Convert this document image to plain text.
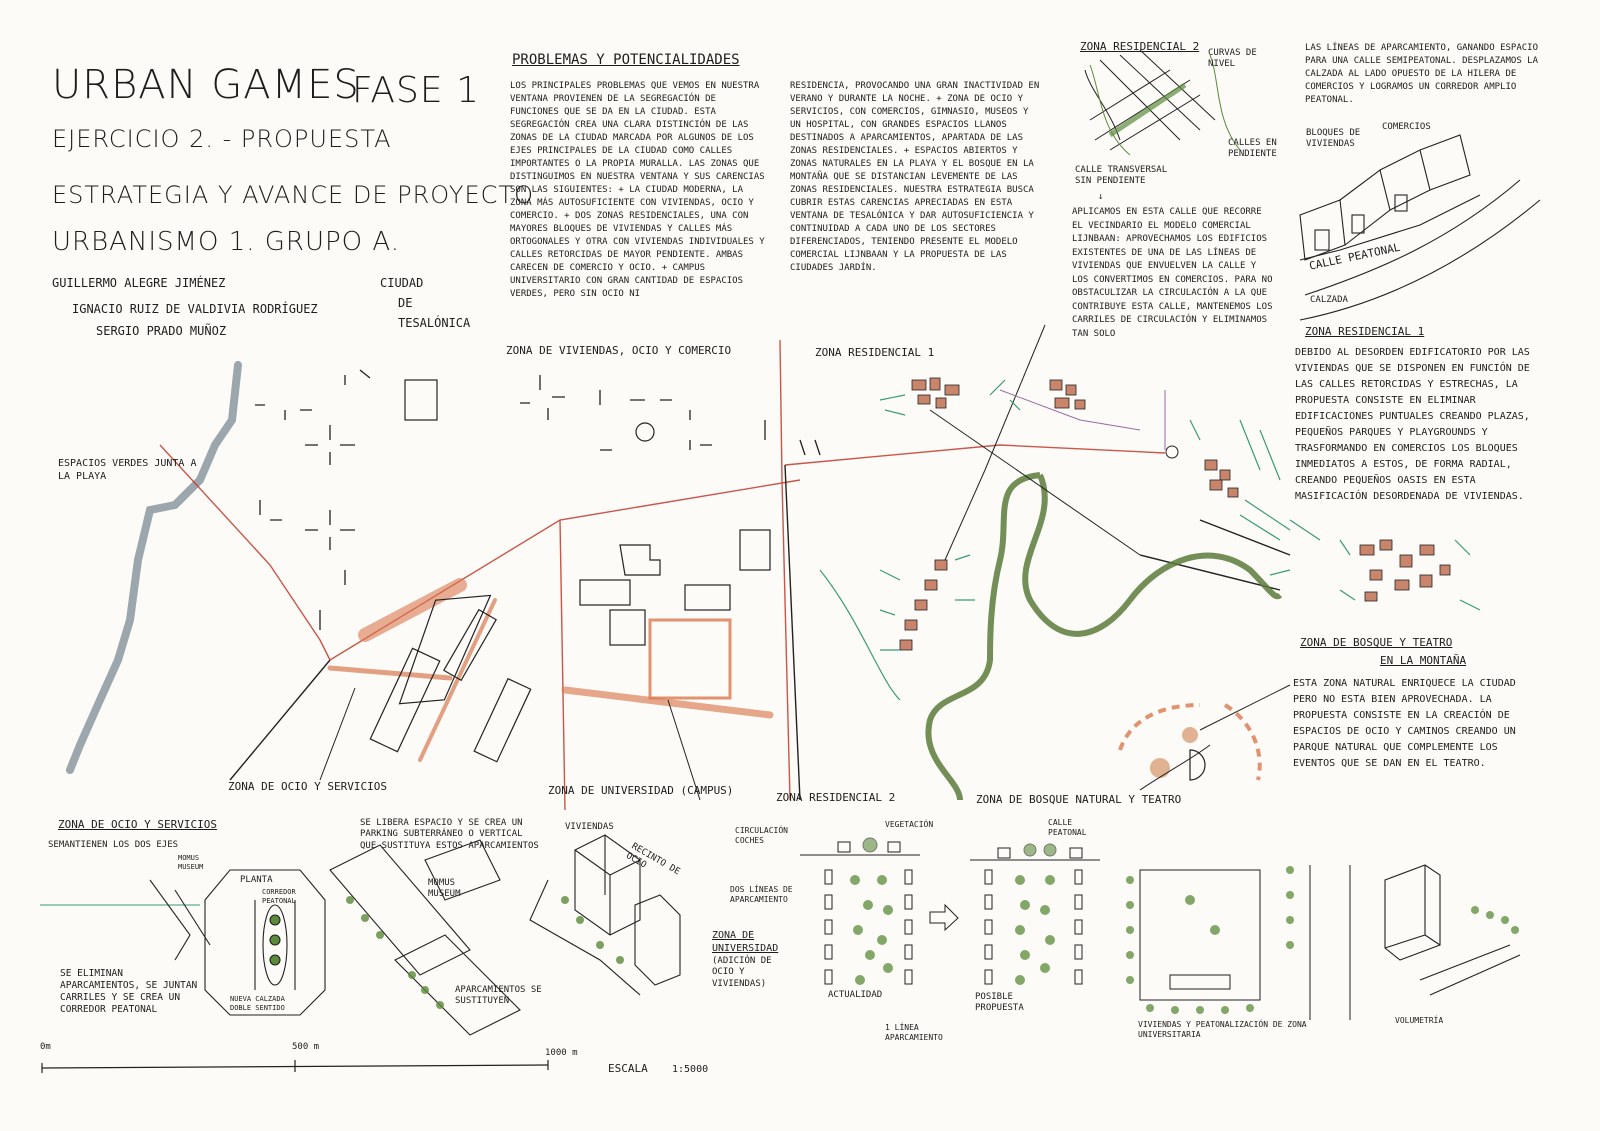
URBAN GAMES
FASE 1
EJERCICIO 2. - PROPUESTA
ESTRATEGIA Y AVANCE DE PROYECTO
URBANISMO 1. GRUPO A.
GUILLERMO ALEGRE JIMÉNEZ
IGNACIO RUIZ DE VALDIVIA RODRÍGUEZ
SERGIO PRADO MUÑOZ
CIUDAD
DE
TESALÓNICA
PROBLEMAS Y POTENCIALIDADES
LOS PRINCIPALES PROBLEMAS QUE VEMOS EN NUESTRA VENTANA PROVIENEN DE LA SEGREGACIÓN DE FUNCIONES QUE SE DA EN LA CIUDAD. ESTA SEGREGACIÓN CREA UNA CLARA DISTINCIÓN DE LAS ZONAS DE LA CIUDAD MARCADA POR ALGUNOS DE LOS EJES PRINCIPALES DE LA CIUDAD COMO CALLES IMPORTANTES O LA PROPIA MURALLA. LAS ZONAS QUE DISTINGUIMOS EN NUESTRA VENTANA Y SUS CARENCIAS SON LAS SIGUIENTES: + LA CIUDAD MODERNA, LA ZONA MÁS AUTOSUFICIENTE CON VIVIENDAS, OCIO Y COMERCIO. + DOS ZONAS RESIDENCIALES, UNA CON MAYORES BLOQUES DE VIVIENDAS Y CALLES MÁS ORTOGONALES Y OTRA CON VIVIENDAS INDIVIDUALES Y CALLES RETORCIDAS DE MAYOR PENDIENTE. AMBAS CARECEN DE COMERCIO Y OCIO. + CAMPUS UNIVERSITARIO CON GRAN CANTIDAD DE ESPACIOS VERDES, PERO SIN OCIO NI
RESIDENCIA, PROVOCANDO UNA GRAN INACTIVIDAD EN VERANO Y DURANTE LA NOCHE. + ZONA DE OCIO Y SERVICIOS, CON COMERCIOS, GIMNASIO, MUSEOS Y UN HOSPITAL, CON GRANDES ESPACIOS LLANOS DESTINADOS A APARCAMIENTOS, APARTADA DE LAS ZONAS RESIDENCIALES. + ESPACIOS ABIERTOS Y ZONAS NATURALES EN LA PLAYA Y EL BOSQUE EN LA MONTAÑA QUE SE DISTANCIAN LEVEMENTE DE LAS ZONAS RESIDENCIALES. NUESTRA ESTRATEGIA BUSCA CUBRIR ESTAS CARENCIAS APRECIADAS EN ESTA VENTANA DE TESALÓNICA Y DAR AUTOSUFICIENCIA Y CONTINUIDAD A CADA UNO DE LOS SECTORES DIFERENCIADOS, TENIENDO PRESENTE EL MODELO COMERCIAL LIJNBAAN Y LA PROPUESTA DE LAS CIUDADES JARDÍN.
ZONA RESIDENCIAL 2 CURVAS DE NIVEL
CALLES EN PENDIENTE
CALLE TRANSVERSAL SIN PENDIENTE
↓
APLICAMOS EN ESTA CALLE QUE RECORRE EL VECINDARIO EL MODELO COMERCIAL LIJNBAAN: APROVECHAMOS LOS EDIFICIOS EXISTENTES DE UNA DE LAS LÍNEAS DE VIVIENDAS QUE ENVUELVEN LA CALLE Y LOS CONVERTIMOS EN COMERCIOS. PARA NO OBSTACULIZAR LA CIRCULACIÓN A LA QUE CONTRIBUYE ESTA CALLE, MANTENEMOS LOS CARRILES DE CIRCULACIÓN Y ELIMINAMOS TAN SOLO
LAS LÍNEAS DE APARCAMIENTO, GANANDO ESPACIO PARA UNA CALLE SEMIPEATONAL. DESPLAZAMOS LA CALZADA AL LADO OPUESTO DE LA HILERA DE COMERCIOS Y LOGRAMOS UN CORREDOR AMPLIO PEATONAL.
BLOQUES DE VIVIENDAS
COMERCIOS
CALLE PEATONAL
CALZADA
ZONA RESIDENCIAL 1
DEBIDO AL DESORDEN EDIFICATORIO POR LAS VIVIENDAS QUE SE DISPONEN EN FUNCIÓN DE LAS CALLES RETORCIDAS Y ESTRECHAS, LA PROPUESTA CONSISTE EN ELIMINAR EDIFICACIONES PUNTUALES CREANDO PLAZAS, PEQUEÑOS PARQUES Y PLAYGROUNDS Y TRASFORMANDO EN COMERCIOS LOS BLOQUES INMEDIATOS A ESTOS, DE FORMA RADIAL, CREANDO PEQUEÑOS OASIS EN ESTA MASIFICACIÓN DESORDENADA DE VIVIENDAS.
ZONA DE BOSQUE Y TEATRO
EN LA MONTAÑA
ESTA ZONA NATURAL ENRIQUECE LA CIUDAD PERO NO ESTA BIEN APROVECHADA. LA PROPUESTA CONSISTE EN LA CREACIÓN DE ESPACIOS DE OCIO Y CAMINOS CREANDO UN PARQUE NATURAL QUE COMPLEMENTE LOS EVENTOS QUE SE DAN EN EL TEATRO.
ZONA DE VIVIENDAS, OCIO Y COMERCIO	ZONA RESIDENCIAL 1
ESPACIOS VERDES JUNTA A LA PLAYA
ZONA DE OCIO Y SERVICIOS	ZONA DE UNIVERSIDAD (CAMPUS)
ZONA RESIDENCIAL 2	ZONA DE BOSQUE NATURAL Y TEATRO
ZONA DE OCIO Y SERVICIOS
SEMANTIENEN LOS DOS EJES
MOMUS MUSEUM
PLANTA
CORREDOR PEATONAL
SE ELIMINAN APARCAMIENTOS, SE JUNTAN CARRILES Y SE CREA UN CORREDOR PEATONAL
NUEVA CALZADA DOBLE SENTIDO
SE LIBERA ESPACIO Y SE CREA UN PARKING SUBTERRÁNEO O VERTICAL QUE SUSTITUYA ESTOS APARCAMIENTOS
MOMUS MUSEUM
APARCAMIENTOS SE SUSTITUYEN
VIVIENDAS
RECINTO DE OCIO
ZONA DE UNIVERSIDAD
(ADICIÓN DE OCIO Y VIVIENDAS)
CIRCULACIÓN COCHES
VEGETACIÓN
DOS LÍNEAS DE APARCAMIENTO
ACTUALIDAD
CALLE PEATONAL
POSIBLE PROPUESTA
1 LÍNEA APARCAMIENTO
VIVIENDAS Y PEATONALIZACIÓN DE ZONA UNIVERSITARIA
VOLUMETRÍA
0m	500 m
1000 m
ESCALA 1:5000
